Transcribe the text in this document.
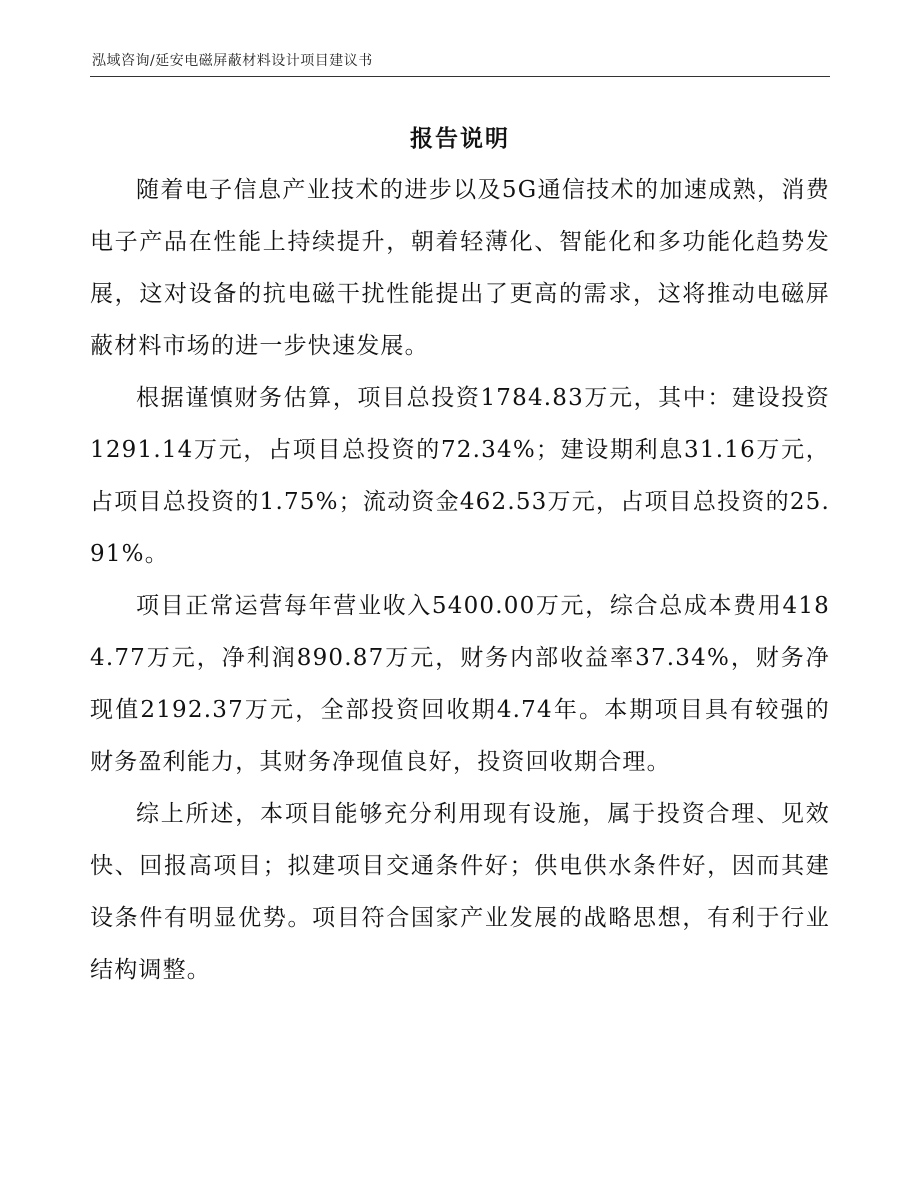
泓域咨询/延安电磁屏蔽材料设计项目建议书
报告说明

随着电子信息产业技术的进步以及5G通信技术的加速成熟，消费电子产品在性能上持续提升，朝着轻薄化、智能化和多功能化趋势发展，这对设备的抗电磁干扰性能提出了更高的需求，这将推动电磁屏蔽材料市场的进一步快速发展。

根据谨慎财务估算，项目总投资1784.83万元，其中：建设投资1291.14万元，占项目总投资的72.34%；建设期利息31.16万元，占项目总投资的1.75%；流动资金462.53万元，占项目总投资的25.91%。

项目正常运营每年营业收入5400.00万元，综合总成本费用4184.77万元，净利润890.87万元，财务内部收益率37.34%，财务净现值2192.37万元，全部投资回收期4.74年。本期项目具有较强的财务盈利能力，其财务净现值良好，投资回收期合理。

综上所述，本项目能够充分利用现有设施，属于投资合理、见效快、回报高项目；拟建项目交通条件好；供电供水条件好，因而其建设条件有明显优势。项目符合国家产业发展的战略思想，有利于行业结构调整。
